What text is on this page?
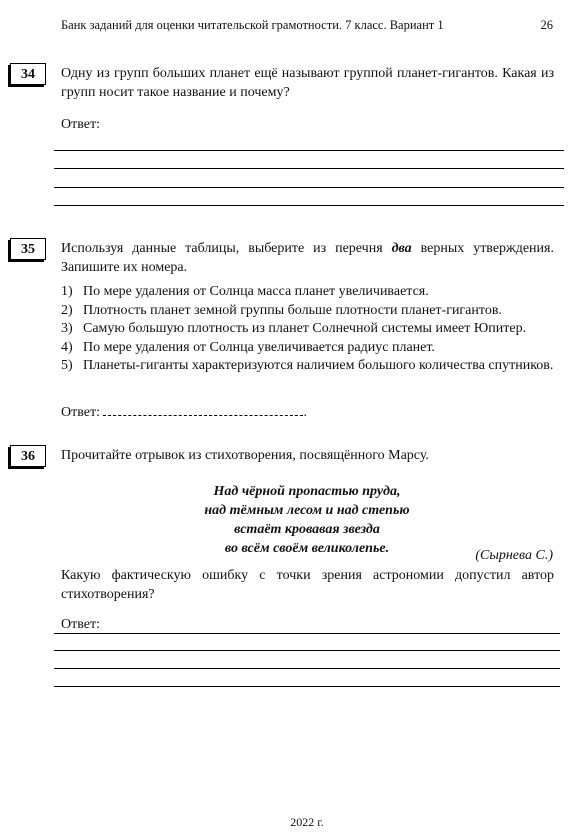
Банк заданий для оценки читательской грамотности. 7 класс. Вариант 1	26
34	Одну из групп больших планет ещё называют группой планет-гигантов. Какая из групп носит такое название и почему?
Ответ:
35	Используя данные таблицы, выберите из перечня два верных утверждения. Запишите их номера.
1) По мере удаления от Солнца масса планет увеличивается.
2) Плотность планет земной группы больше плотности планет-гигантов.
3) Самую большую плотность из планет Солнечной системы имеет Юпитер.
4) По мере удаления от Солнца увеличивается радиус планет.
5) Планеты-гиганты характеризуются наличием большого количества спутников.
Ответ:	.
36	Прочитайте отрывок из стихотворения, посвящённого Марсу.
Над чёрной пропастью пруда,
над тёмным лесом и над степью
встаёт кровавая звезда
во всём своём великолепье.	(Сырнева С.)
Какую фактическую ошибку с точки зрения астрономии допустил автор стихотворения?
Ответ:
2022 г.
